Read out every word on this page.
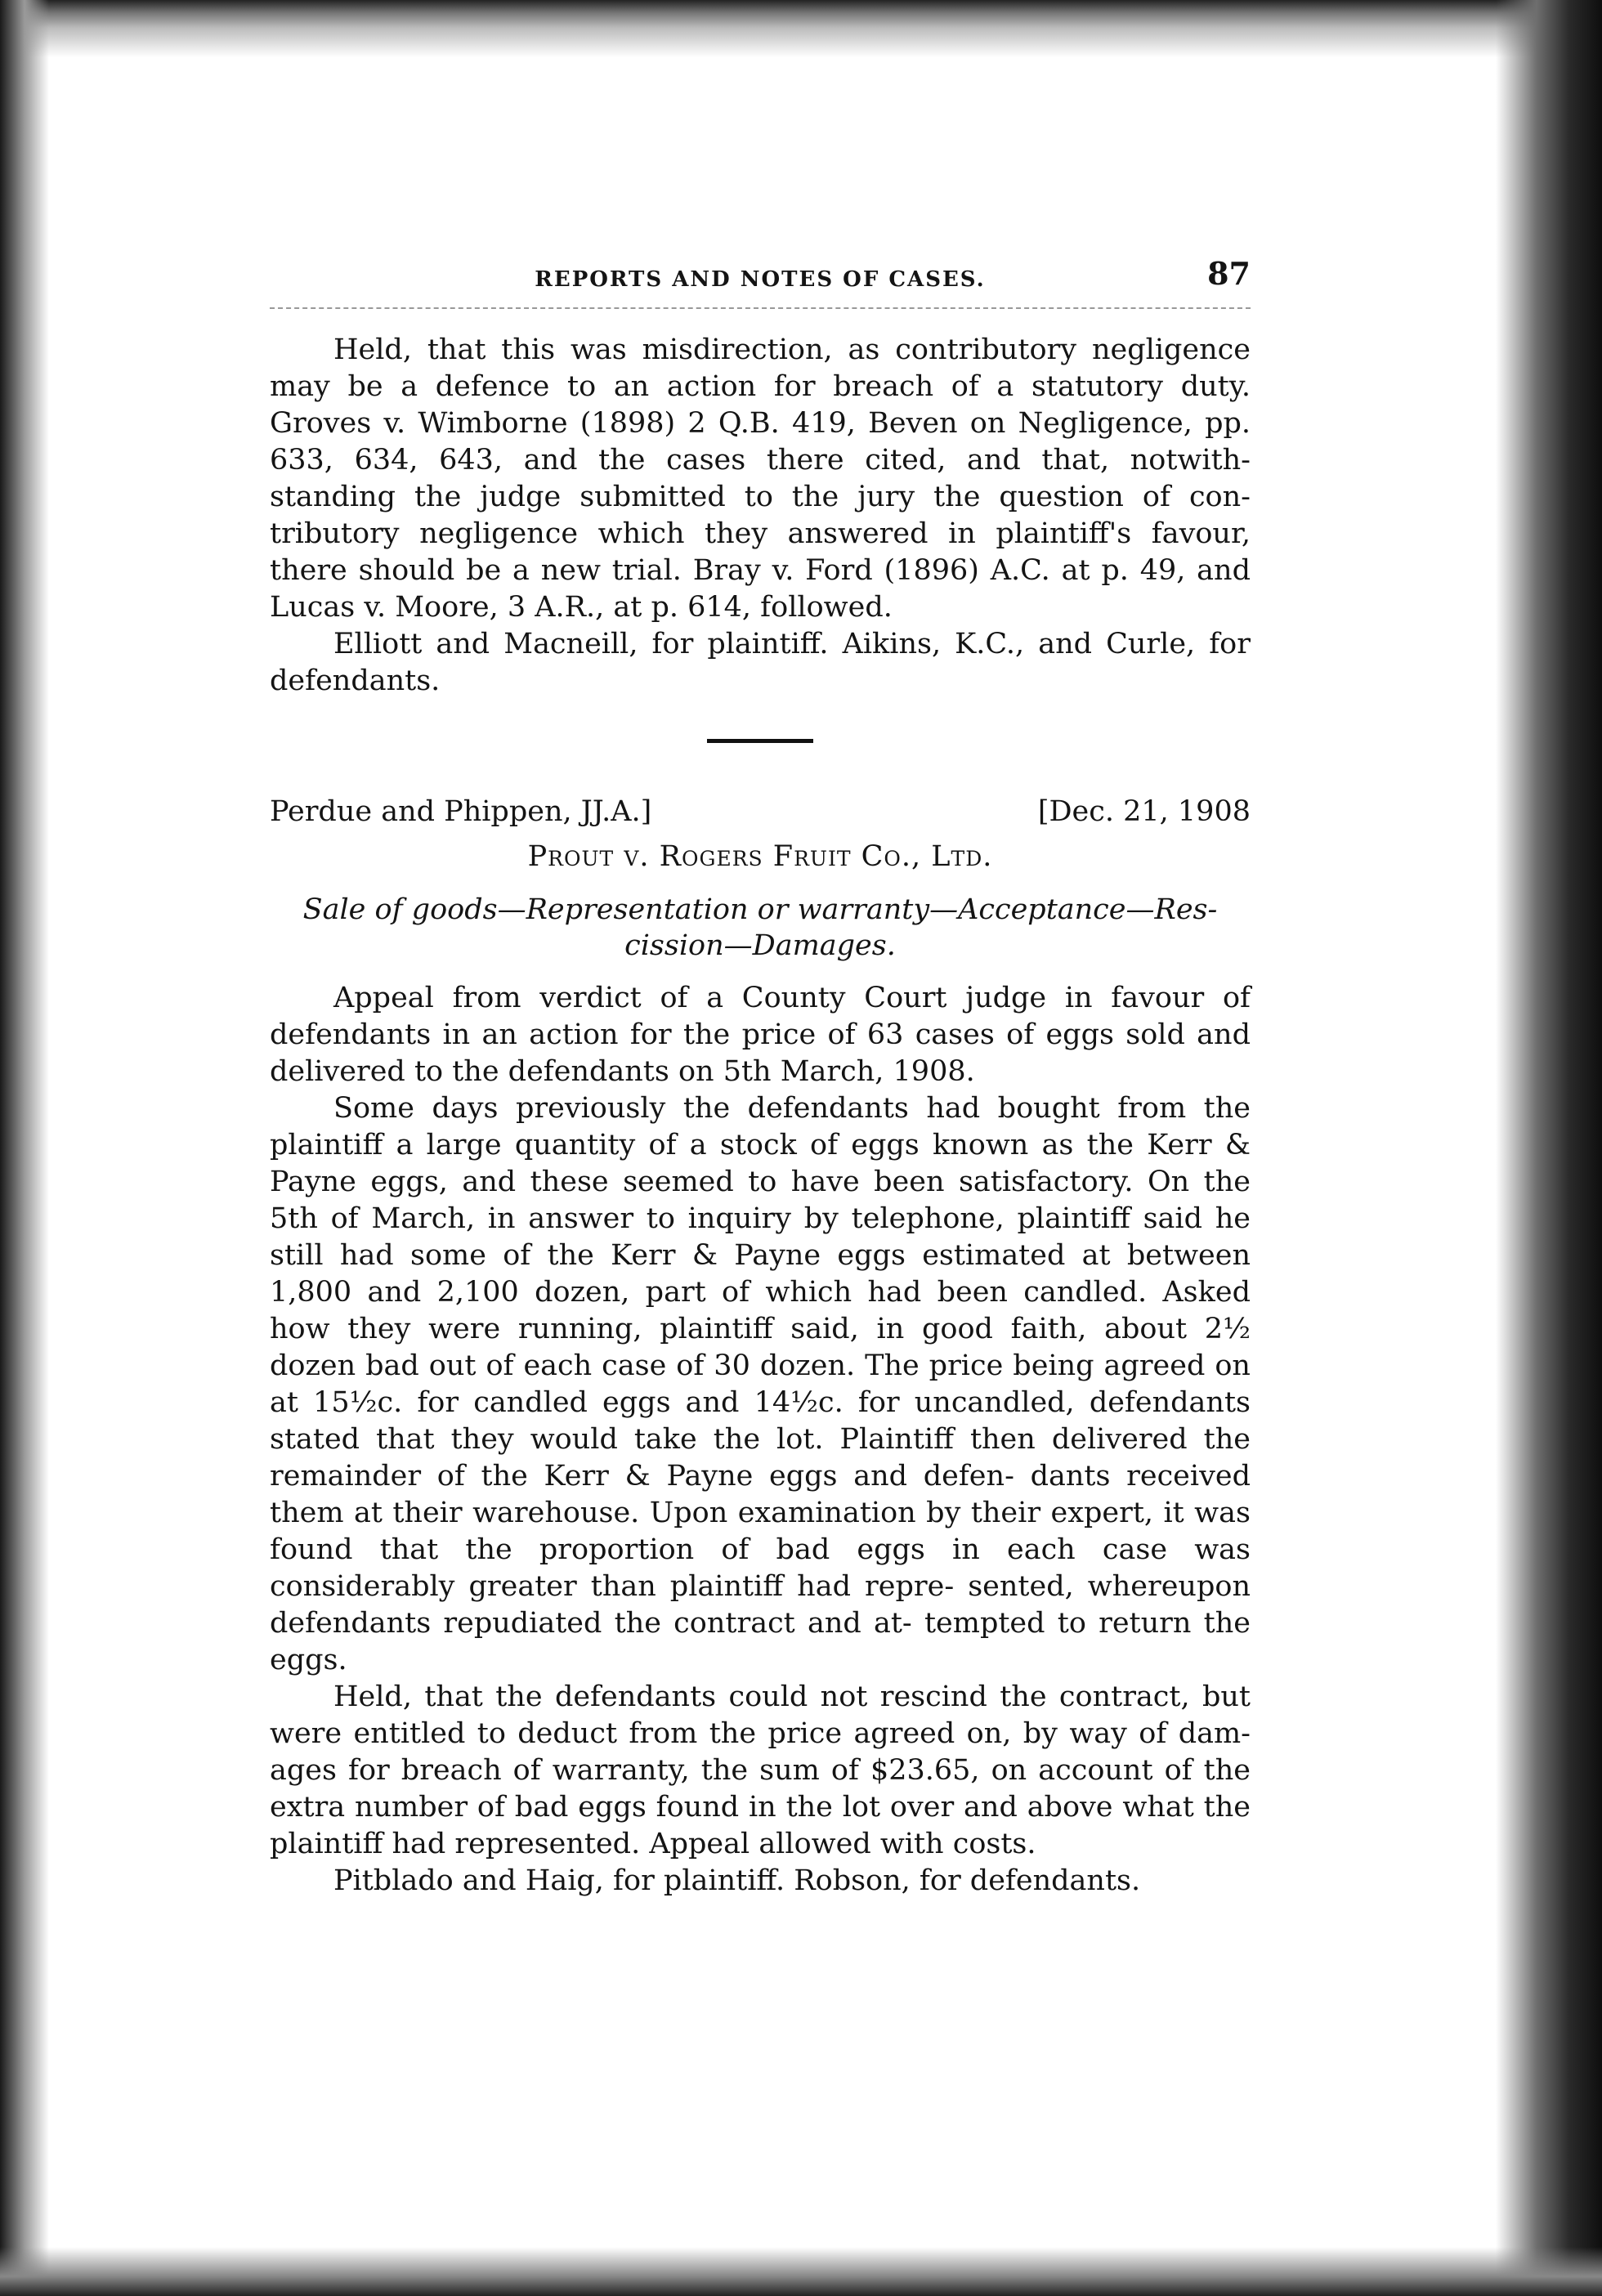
REPORTS AND NOTES OF CASES.	87

Held, that this was misdirection, as contributory negligence may be a defence to an action for breach of a statutory duty. Groves v. Wimborne (1898) 2 Q.B. 419, Beven on Negligence, pp. 633, 634, 643, and the cases there cited, and that, notwith- standing the judge submitted to the jury the question of con- tributory negligence which they answered in plaintiff's favour, there should be a new trial. Bray v. Ford (1896) A.C. at p. 49, and Lucas v. Moore, 3 A.R., at p. 614, followed.

Elliott and Macneill, for plaintiff. Aikins, K.C., and Curle, for defendants.

Perdue and Phippen, JJ.A.]	[Dec. 21, 1908
Prout v. Rogers Fruit Co., Ltd.
Sale of goods—Representation or warranty—Acceptance—Res-
cission—Damages.

Appeal from verdict of a County Court judge in favour of defendants in an action for the price of 63 cases of eggs sold and delivered to the defendants on 5th March, 1908.

Some days previously the defendants had bought from the plaintiff a large quantity of a stock of eggs known as the Kerr & Payne eggs, and these seemed to have been satisfactory. On the 5th of March, in answer to inquiry by telephone, plaintiff said he still had some of the Kerr & Payne eggs estimated at between 1,800 and 2,100 dozen, part of which had been candled. Asked how they were running, plaintiff said, in good faith, about 2½ dozen bad out of each case of 30 dozen. The price being agreed on at 15½c. for candled eggs and 14½c. for uncandled, defendants stated that they would take the lot. Plaintiff then delivered the remainder of the Kerr & Payne eggs and defen- dants received them at their warehouse. Upon examination by their expert, it was found that the proportion of bad eggs in each case was considerably greater than plaintiff had repre- sented, whereupon defendants repudiated the contract and at- tempted to return the eggs.

Held, that the defendants could not rescind the contract, but were entitled to deduct from the price agreed on, by way of dam- ages for breach of warranty, the sum of $23.65, on account of the extra number of bad eggs found in the lot over and above what the plaintiff had represented. Appeal allowed with costs.

Pitblado and Haig, for plaintiff. Robson, for defendants.
